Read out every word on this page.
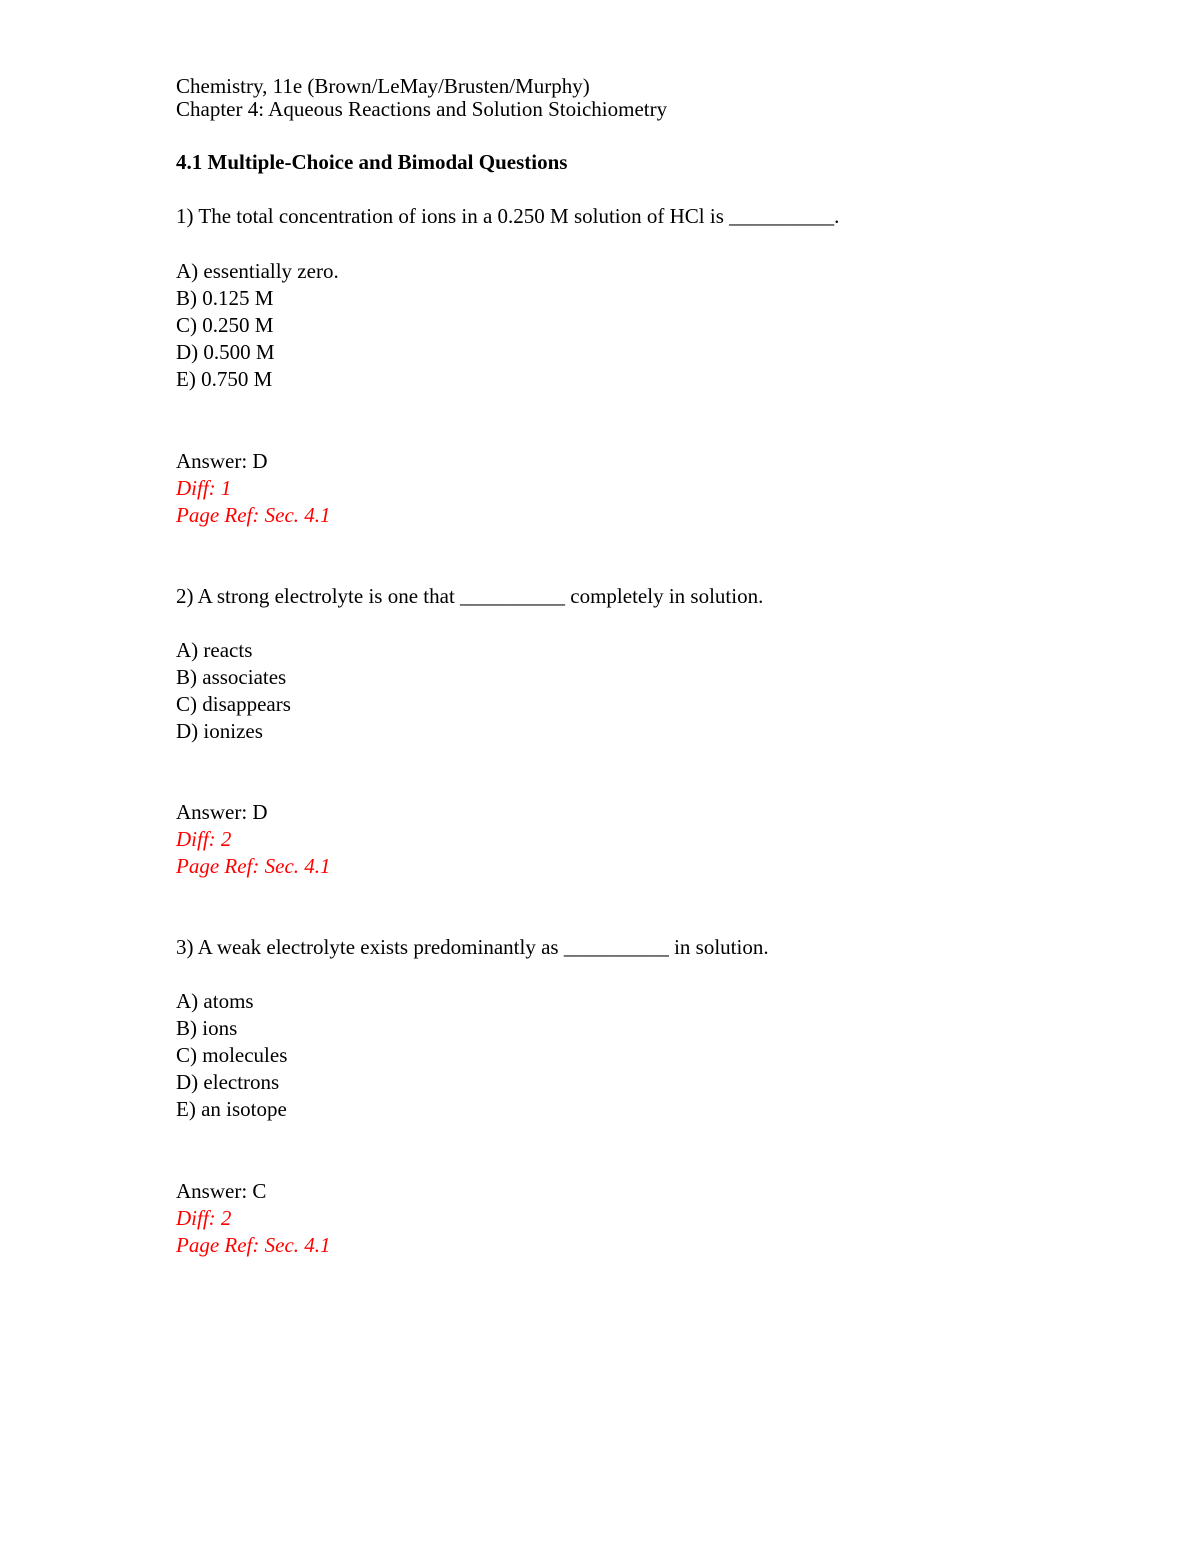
Chemistry, 11e (Brown/LeMay/Brusten/Murphy)
Chapter 4: Aqueous Reactions and Solution Stoichiometry
4.1 Multiple-Choice and Bimodal Questions
1) The total concentration of ions in a 0.250 M solution of HCl is __________.
A) essentially zero.
B) 0.125 M
C) 0.250 M
D) 0.500 M
E) 0.750 M
Answer: D
Diff: 1
Page Ref: Sec. 4.1
2) A strong electrolyte is one that __________ completely in solution.
A) reacts
B) associates
C) disappears
D) ionizes
Answer: D
Diff: 2
Page Ref: Sec. 4.1
3) A weak electrolyte exists predominantly as __________ in solution.
A) atoms
B) ions
C) molecules
D) electrons
E) an isotope
Answer: C
Diff: 2
Page Ref: Sec. 4.1
